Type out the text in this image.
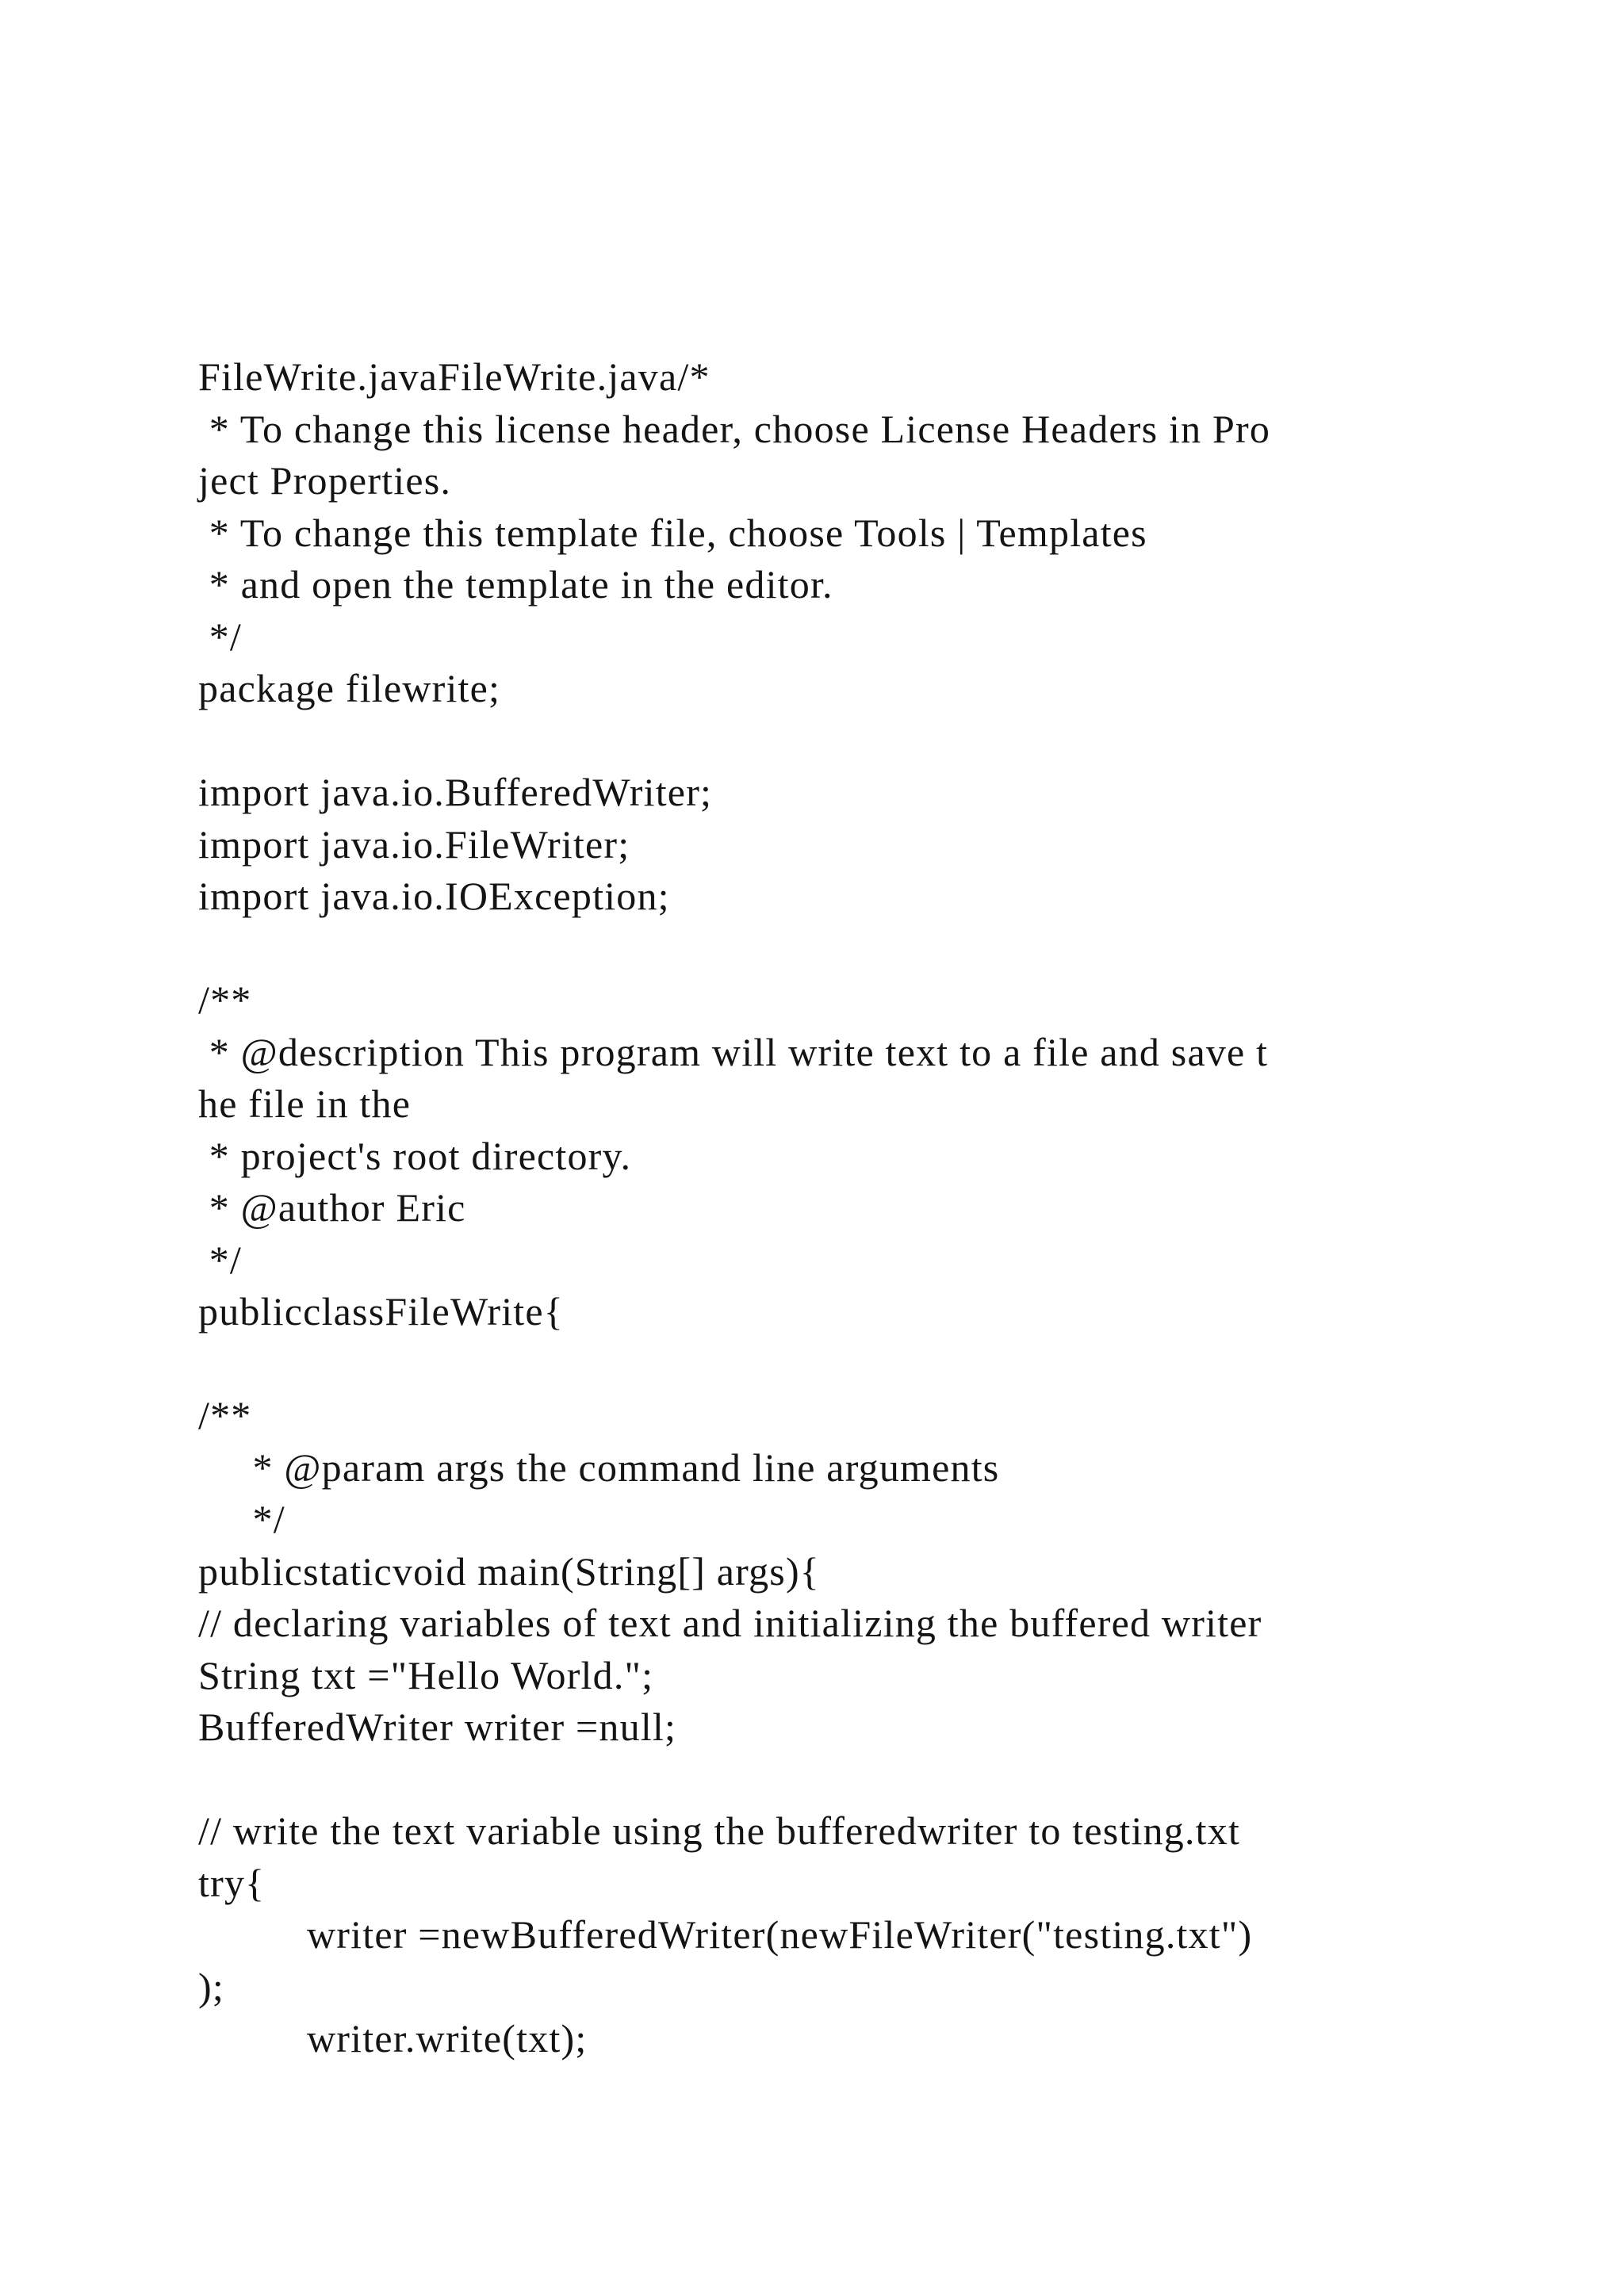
FileWrite.javaFileWrite.java/*
* To change this license header, choose License Headers in Pro
ject Properties.
* To change this template file, choose Tools | Templates
* and open the template in the editor.
*/
package filewrite;
import java.io.BufferedWriter;
import java.io.FileWriter;
import java.io.IOException;
/**
* @description This program will write text to a file and save t
he file in the
* project's root directory.
* @author Eric
*/
publicclassFileWrite{
/**
* @param args the command line arguments
*/
publicstaticvoid main(String[] args){
// declaring variables of text and initializing the buffered writer
String txt ="Hello World.";
BufferedWriter writer =null;
// write the text variable using the bufferedwriter to testing.txt
try{
writer =newBufferedWriter(newFileWriter("testing.txt")
);
writer.write(txt);
